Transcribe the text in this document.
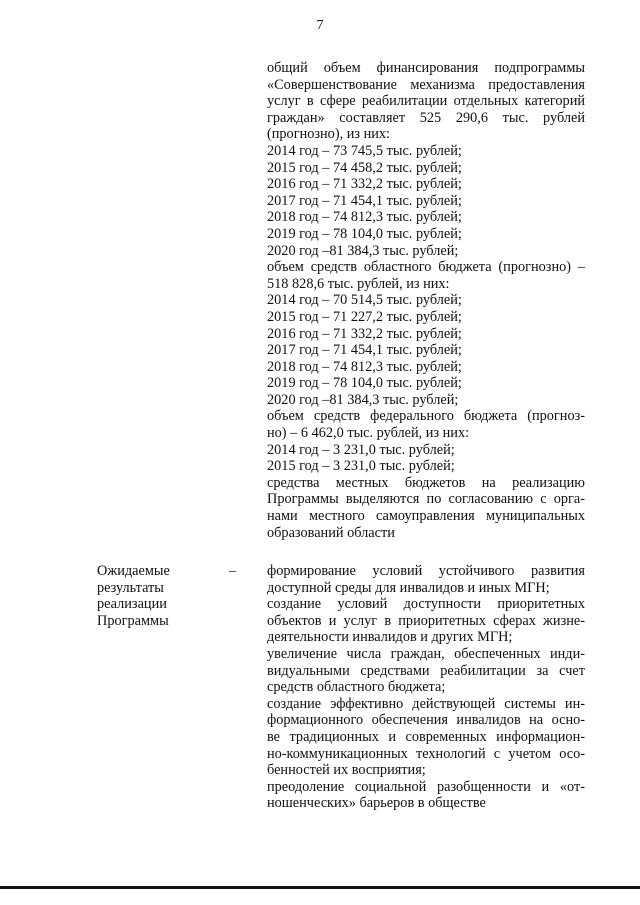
7
общий объем финансирования подпрограммы
«Совершенствование механизма предоставления
услуг в сфере реабилитации отдельных категорий
граждан» составляет 525 290,6 тыс. рублей
(прогнозно), из них:
2014 год – 73 745,5 тыс. рублей;
2015 год – 74 458,2 тыс. рублей;
2016 год – 71 332,2 тыс. рублей;
2017 год – 71 454,1 тыс. рублей;
2018 год – 74 812,3 тыс. рублей;
2019 год – 78 104,0 тыс. рублей;
2020 год –81 384,3 тыс. рублей;
объем средств областного бюджета (прогнозно) –
518 828,6 тыс. рублей, из них:
2014 год – 70 514,5 тыс. рублей;
2015 год – 71 227,2 тыс. рублей;
2016 год – 71 332,2 тыс. рублей;
2017 год – 71 454,1 тыс. рублей;
2018 год – 74 812,3 тыс. рублей;
2019 год – 78 104,0 тыс. рублей;
2020 год –81 384,3 тыс. рублей;
объем средств федерального бюджета (прогнoз-
но) – 6 462,0 тыс. рублей, из них:
2014 год – 3 231,0 тыс. рублей;
2015 год – 3 231,0 тыс. рублей;
средства местных бюджетов на реализацию
Программы выделяются по согласованию с орга-
нами местного самоуправления муниципальных
образований области
Ожидаемые
результаты
реализации
Программы
– формирование условий устойчивого развития
доступной среды для инвалидов и иных МГН;
создание условий доступности приоритетных
объектов и услуг в приоритетных сферах жизне-
деятельности инвалидов и других МГН;
увеличение числа граждан, обеспеченных инди-
видуальными средствами реабилитации за счет
средств областного бюджета;
создание эффективно действующей системы ин-
формационного обеспечения инвалидов на осно-
ве традиционных и современных информацион-
но-коммуникационных технологий с учетом осо-
бенностей их восприятия;
преодоление социальной разобщенности и «от-
ношенческих» барьеров в обществе
